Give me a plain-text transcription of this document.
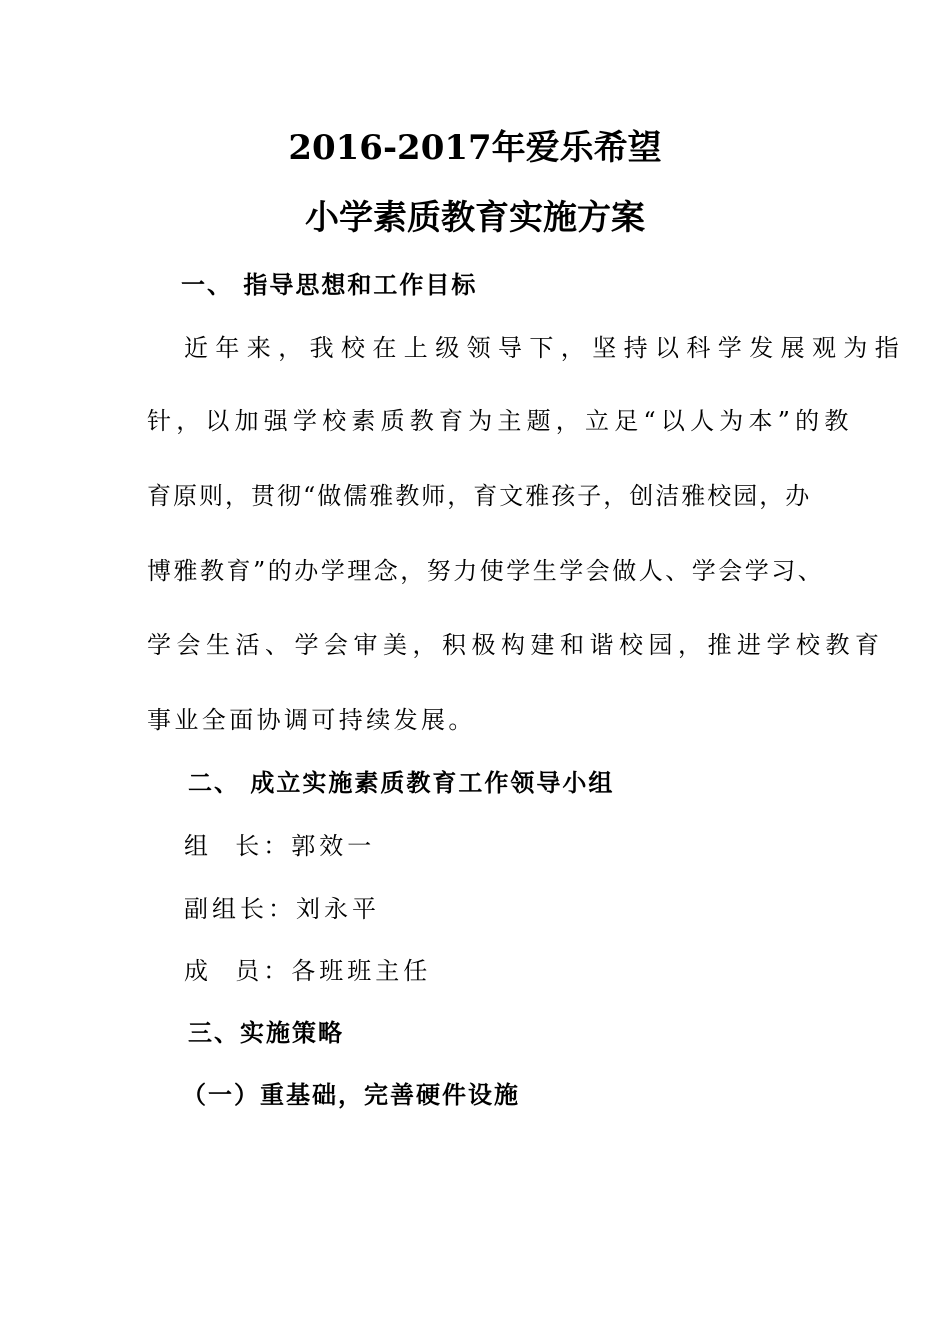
2016-2017年爱乐希望
小学素质教育实施方案
一、 指导思想和工作目标
近年来，我校在上级领导下，坚持以科学发展观为指
针，以加强学校素质教育为主题，立足“以人为本”的教
育原则，贯彻“做儒雅教师，育文雅孩子，创洁雅校园，办
博雅教育”的办学理念，努力使学生学会做人、学会学习、
学会生活、学会审美，积极构建和谐校园，推进学校教育
事业全面协调可持续发展。
二、 成立实施素质教育工作领导小组
组  长：郭效一
副组长：刘永平
成  员：各班班主任
三、实施策略
（一）重基础，完善硬件设施
